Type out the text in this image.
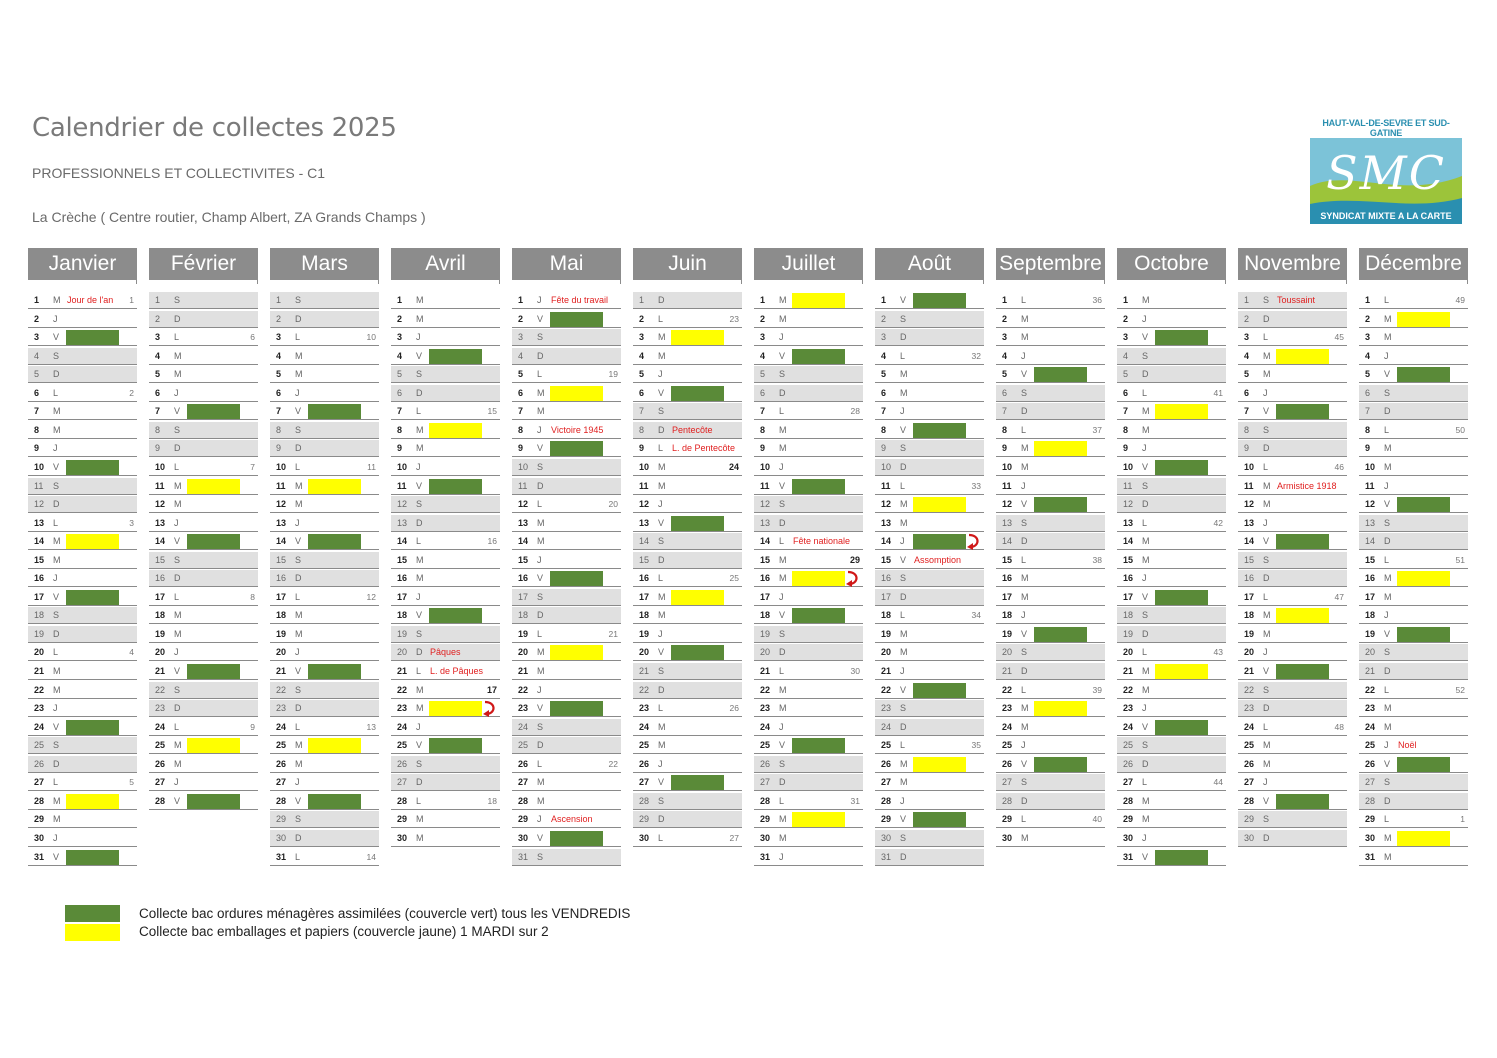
Calendrier de collectes 2025
PROFESSIONNELS ET COLLECTIVITES - C1
La Crèche ( Centre routier, Champ Albert, ZA Grands Champs )
HAUT-VAL-DE-SEVRE ET SUD-GATINE
SMC
SYNDICAT MIXTE A LA CARTE
Janvier
1 M Jour de l'an 1
2 J
3 V
4 S
5 D
6 L	2
7 M
8 M
9 J
10 V
11 S
12 D
13 L	3
14 M
15 M
16 J
17 V
18 S
19 D
20 L	4
21 M
22 M
23 J
24 V
25 S
26 D
27 L	5
28 M
29 M
30 J
31 V
Février
1 S
2 D
3 L	6
4 M
5 M
6 J
7 V
8 S
9 D
10 L	7
11 M
12 M
13 J
14 V
15 S
16 D
17 L	8
18 M
19 M
20 J
21 V
22 S
23 D
24 L	9
25 M
26 M
27 J
28 V
Mars
1 S
2 D
3 L	10
4 M
5 M
6 J
7 V
8 S
9 D
10 L	11
11 M
12 M
13 J
14 V
15 S
16 D
17 L	12
18 M
19 M
20 J
21 V
22 S
23 D
24 L	13
25 M
26 M
27 J
28 V
29 S
30 D
31 L	14
Avril
1 M
2 M
3 J
4 V
5 S
6 D
7 L	15
8 M
9 M
10 J
11 V
12 S
13 D
14 L	16
15 M
16 M
17 J
18 V
19 S
20 D Pâques
21 L L. de Pâques
22 M	17
23 M
24 J
25 V
26 S
27 D
28 L	18
29 M
30 M
Mai
1 J Fête du travail
2 V
3 S
4 D
5 L	19
6 M
7 M
8 J Victoire 1945
9 V
10 S
11 D
12 L	20
13 M
14 M
15 J
16 V
17 S
18 D
19 L	21
20 M
21 M
22 J
23 V
24 S
25 D
26 L	22
27 M
28 M
29 J Ascension
30 V
31 S
Juin
1 D
2 L	23
3 M
4 M
5 J
6 V
7 S
8 D Pentecôte
9 L L. de Pentecôte
10 M	24
11 M
12 J
13 V
14 S
15 D
16 L	25
17 M
18 M
19 J
20 V
21 S
22 D
23 L	26
24 M
25 M
26 J
27 V
28 S
29 D
30 L	27
Juillet
1 M
2 M
3 J
4 V
5 S
6 D
7 L	28
8 M
9 M
10 J
11 V
12 S
13 D
14 L Fête nationale
15 M	29
16 M
17 J
18 V
19 S
20 D
21 L	30
22 M
23 M
24 J
25 V
26 S
27 D
28 L	31
29 M
30 M
31 J
Août
1 V
2 S
3 D
4 L	32
5 M
6 M
7 J
8 V
9 S
10 D
11 L	33
12 M
13 M
14 J
15 V Assomption
16 S
17 D
18 L	34
19 M
20 M
21 J
22 V
23 S
24 D
25 L	35
26 M
27 M
28 J
29 V
30 S
31 D
Septembre
1 L	36
2 M
3 M
4 J
5 V
6 S
7 D
8 L	37
9 M
10 M
11 J
12 V
13 S
14 D
15 L	38
16 M
17 M
18 J
19 V
20 S
21 D
22 L	39
23 M
24 M
25 J
26 V
27 S
28 D
29 L	40
30 M
Octobre
1 M
2 J
3 V
4 S
5 D
6 L	41
7 M
8 M
9 J
10 V
11 S
12 D
13 L	42
14 M
15 M
16 J
17 V
18 S
19 D
20 L	43
21 M
22 M
23 J
24 V
25 S
26 D
27 L	44
28 M
29 M
30 J
31 V
Novembre
1 S Toussaint
2 D
3 L	45
4 M
5 M
6 J
7 V
8 S
9 D
10 L	46
11 M Armistice 1918
12 M
13 J
14 V
15 S
16 D
17 L	47
18 M
19 M
20 J
21 V
22 S
23 D
24 L	48
25 M
26 M
27 J
28 V
29 S
30 D
Décembre
1 L	49
2 M
3 M
4 J
5 V
6 S
7 D
8 L	50
9 M
10 M
11 J
12 V
13 S
14 D
15 L	51
16 M
17 M
18 J
19 V
20 S
21 D
22 L	52
23 M
24 M
25 J Noël
26 V
27 S
28 D
29 L	1
30 M
31 M
Collecte bac ordures ménagères assimilées (couvercle vert) tous les VENDREDIS
Collecte bac emballages et papiers (couvercle jaune) 1 MARDI sur 2
